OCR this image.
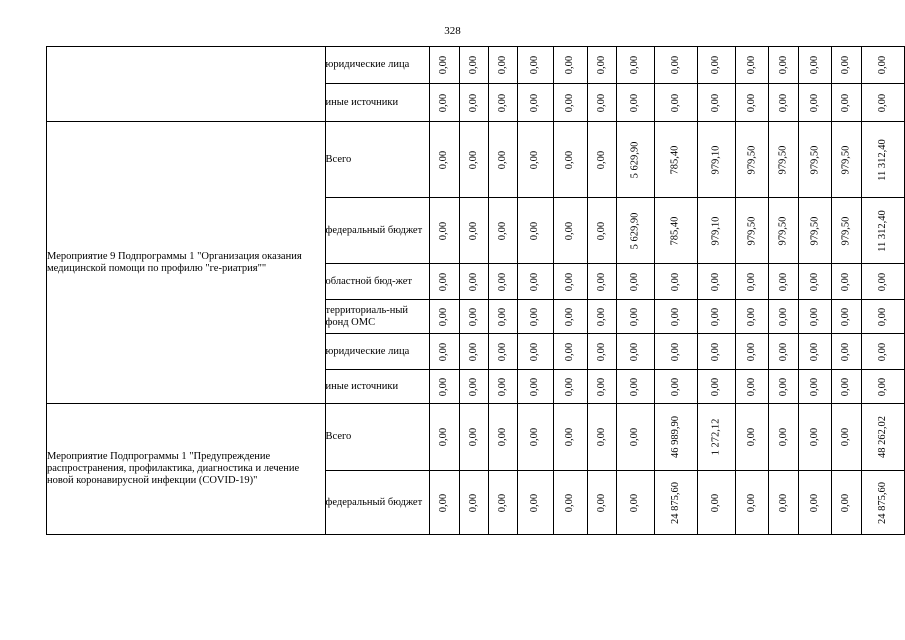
328
	юридические лица	0,00	0,00	0,00	0,00	0,00	0,00	0,00	0,00	0,00	0,00	0,00	0,00	0,00	0,00
	иные источники	0,00	0,00	0,00	0,00	0,00	0,00	0,00	0,00	0,00	0,00	0,00	0,00	0,00	0,00
Мероприятие 9 Подпрограммы 1 "Организация оказания медицинской помощи по профилю "ге-риатрия""	Всего	0,00	0,00	0,00	0,00	0,00	0,00	5 629,90	785,40	979,10	979,50	979,50	979,50	979,50	11 312,40
	федеральный бюджет	0,00	0,00	0,00	0,00	0,00	0,00	5 629,90	785,40	979,10	979,50	979,50	979,50	979,50	11 312,40
	областной бюд-жет	0,00	0,00	0,00	0,00	0,00	0,00	0,00	0,00	0,00	0,00	0,00	0,00	0,00	0,00
	территориаль-ный фонд ОМС	0,00	0,00	0,00	0,00	0,00	0,00	0,00	0,00	0,00	0,00	0,00	0,00	0,00	0,00
	юридические лица	0,00	0,00	0,00	0,00	0,00	0,00	0,00	0,00	0,00	0,00	0,00	0,00	0,00	0,00
	иные источники	0,00	0,00	0,00	0,00	0,00	0,00	0,00	0,00	0,00	0,00	0,00	0,00	0,00	0,00
Мероприятие Подпрограммы 1 "Предупреждение распространения, профилактика, диагностика и лечение новой коронавирусной инфекции (COVID-19)"	Всего	0,00	0,00	0,00	0,00	0,00	0,00	0,00	46 989,90	1 272,12	0,00	0,00	0,00	0,00	48 262,02
	федеральный бюджет	0,00	0,00	0,00	0,00	0,00	0,00	0,00	24 875,60	0,00	0,00	0,00	0,00	0,00	24 875,60
